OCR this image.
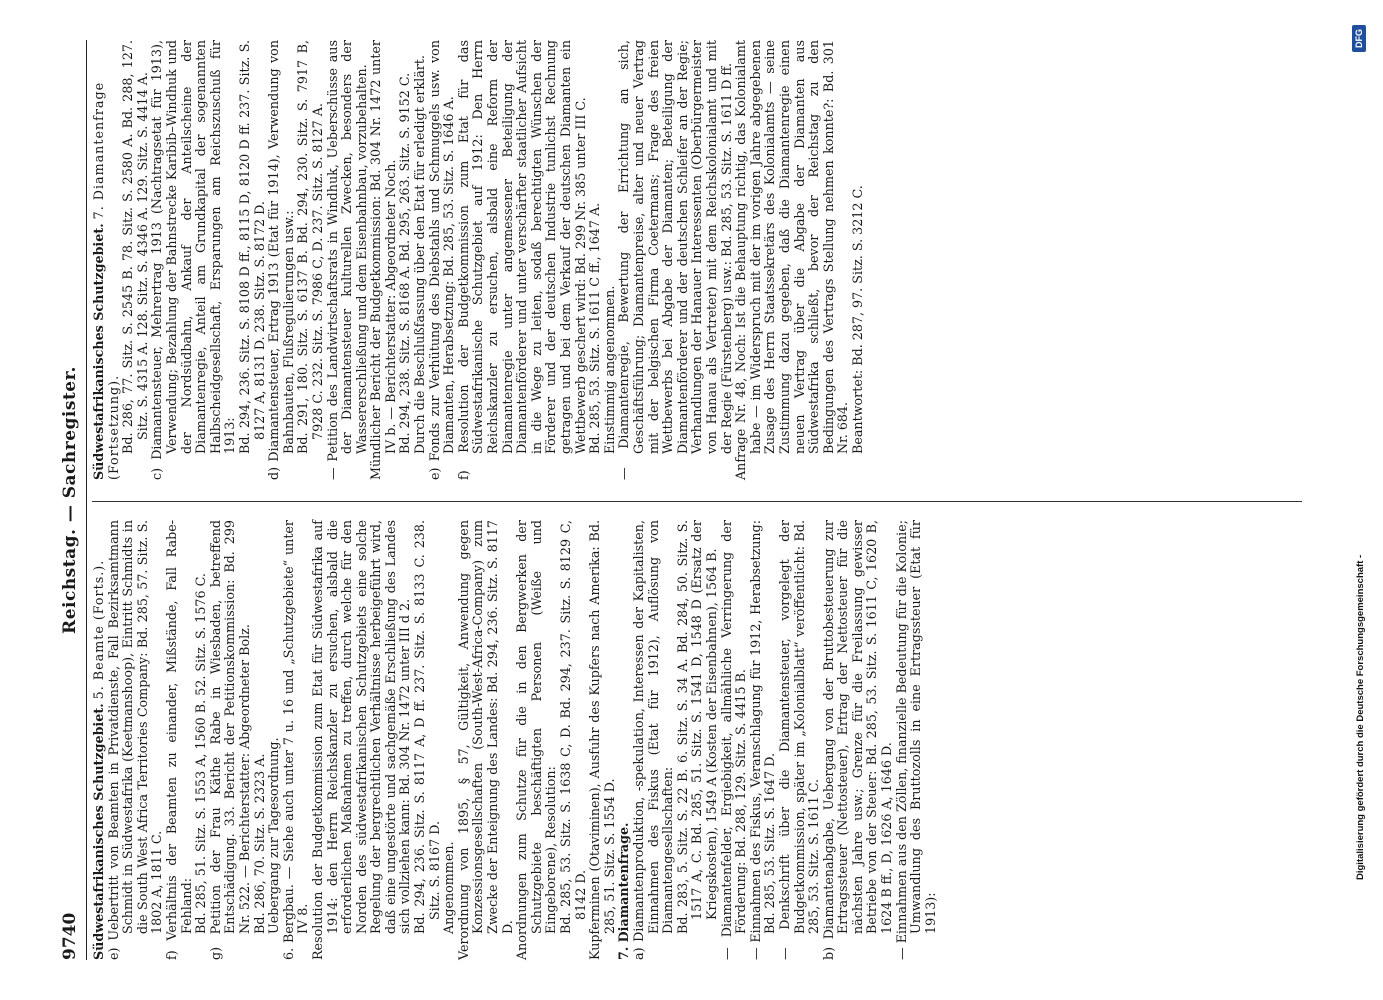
9740
Reichstag. — Sachregister.
Südwestafrikanisches Schutzgebiet. 5. Beamte (Forts.). e) Uebertritt von Beamten in Privatdienste, Fall Bezirksamtmann Schmidt in Südwestafrika (Keetmanshoop), Eintritt Schmidts in die South West Africa Territories Company: Bd. 285, 57. Sitz. S. 1802 A, 1811 C. f) Verhältnis der Beamten zu einander, Mißstände, Fall Rabe-Fehland: Bd. 285, 51. Sitz. S. 1553 A, 1560 B. 52. Sitz. S. 1576 C. g) Petition der Frau Käthe Rabe in Wiesbaden, betreffend Entschädigung. 33. Bericht der Petitionskommission: Bd. 299 Nr. 522. — Berichterstatter: Abgeordneter Bolz. Bd. 286, 70. Sitz. S. 2323 A. Uebergang zur Tagesordnung. 6. Bergbau. — Siehe auch unter 7 u. 16 und „Schutzgebiete“ unter IV 8. Resolution der Budgetkommission zum Etat für Südwestafrika auf 1914: den Herrn Reichskanzler zu ersuchen, alsbald die erforderlichen Maßnahmen zu treffen, durch welche für den Norden des südwestafrikanischen Schutzgebiets eine solche Regelung der bergrechtlichen Verhältnisse herbeigeführt wird, daß eine ungestörte und sachgemäße Erschließung des Landes sich vollziehen kann: Bd. 304 Nr. 1472 unter III d 2. Bd. 294, 236. Sitz. S. 8117 A, D ff. 237. Sitz. S. 8133 C. 238. Sitz. S. 8167 D. Angenommen. Verordnung von 1895, § 57, Gültigkeit, Anwendung gegen Konzessionsgesellschaften (South-West-Africa-Company) zum Zwecke der Enteignung des Landes: Bd. 294, 236. Sitz. S. 8117 D. Anordnungen zum Schutze für die in den Bergwerken der Schutzgebiete beschäftigten Personen (Weiße und Eingeborene), Resolution: Bd. 285, 53. Sitz. S. 1638 C, D. Bd. 294, 237. Sitz. S. 8129 C, 8142 D. Kupferminen (Otaviminen), Ausfuhr des Kupfers nach Amerika: Bd. 285, 51. Sitz. S. 1554 D. 7. Diamantenfrage. a) Diamantenproduktion, -spekulation, Interessen der Kapitalisten, Einnahmen des Fiskus (Etat für 1912), Auflösung von Diamantengesellschaften: Bd. 283, 5. Sitz. S. 22 B. 6. Sitz. S. 34 A. Bd. 284, 50. Sitz. S. 1517 A, C. Bd. 285, 51. Sitz. S. 1541 D, 1548 D (Ersatz der Kriegskosten), 1549 A (Kosten der Eisenbahnen), 1564 B. — Diamantenfelder, Ergiebigkeit, allmähliche Verringerung der Förderung: Bd. 288, 129. Sitz. S. 4415 B. — Einnahmen des Fiskus, Veranschlagung für 1912, Herabsetzung: Bd. 285, 53. Sitz. S. 1647 D. — Denkschrift über die Diamantensteuer, vorgelegt der Budgetkommission, später im „Kolonialblatt“ veröffentlicht: Bd. 285, 53. Sitz. S. 1611 C. b) Diamantenabgabe, Uebergang von der Bruttobesteuerung zur Ertragssteuer (Nettosteuer), Ertrag der Nettosteuer für die nächsten Jahre usw.; Grenze für die Freilassung gewisser Betriebe von der Steuer: Bd. 285, 53. Sitz. S. 1611 C, 1620 B, 1624 B ff., D, 1626 A, 1646 D. — Einnahmen aus den Zöllen, finanzielle Bedeutung für die Kolonie; Umwandlung des Bruttozolls in eine Ertragssteuer (Etat für 1913):

Südwestafrikanisches Schutzgebiet. 7. Diamantenfrage (Fortsetzung). Bd. 286, 77. Sitz. S. 2545 B. 78. Sitz. S. 2580 A. Bd. 288, 127. Sitz. S. 4315 A. 128. Sitz. S. 4346 A. 129. Sitz. S. 4414 A. c) Diamantensteuer, Mehrertrag 1913 (Nachtragsetat für 1913), Verwendung; Bezahlung der Bahnstrecke Karibib–Windhuk und der Nordsüdbahn, Ankauf der Anteilscheine der Diamantenregie, Anteil am Grundkapital der sogenannten Halbscheidgesellschaft, Ersparungen am Reichszuschuß für 1913: Bd. 294, 236. Sitz. S. 8108 D ff., 8115 D, 8120 D ff. 237. Sitz. S. 8127 A, 8131 D. 238. Sitz. S. 8172 D. d) Diamantensteuer, Ertrag 1913 (Etat für 1914), Verwendung von Bahnbauten, Flußregulierungen usw.: Bd. 291, 180. Sitz. S. 6137 B. Bd. 294, 230. Sitz. S. 7917 B, 7928 C. 232. Sitz. S. 7986 C, D. 237. Sitz. S. 8127 A. — Petition des Landwirtschaftsrats in Windhuk, Ueberschüsse aus der Diamantensteuer kulturellen Zwecken, besonders der Wassererschließung und dem Eisenbahnbau, vorzubehalten. Mündlicher Bericht der Budgetkommission: Bd. 304 Nr. 1472 unter IV b. — Berichterstatter: Abgeordneter Noch. Bd. 294, 238. Sitz. S. 8168 A. Bd. 295, 263. Sitz. S. 9152 C. Durch die Beschlußfassung über den Etat für erledigt erklärt. e) Fonds zur Verhütung des Diebstahls und Schmuggels usw. von Diamanten, Herabsetzung: Bd. 285, 53. Sitz. S. 1646 A. f) Resolution der Budgetkommission zum Etat für das Südwestafrikanische Schutzgebiet auf 1912: Den Herrn Reichskanzler zu ersuchen, alsbald eine Reform der Diamantenregie unter angemessener Beteiligung der Diamantenförderer und unter verschärfter staatlicher Aufsicht in die Wege zu leiten, sodaß berechtigten Wünschen der Förderer und der deutschen Industrie tunlichst Rechnung getragen und bei dem Verkauf der deutschen Diamanten ein Wettbewerb geschert wird: Bd. 299 Nr. 385 unter III C. Bd. 285, 53. Sitz. S. 1611 C ff., 1647 A. Einstimmig angenommen. — Diamantenregie, Bewertung der Errichtung an sich, Geschäftsführung; Diamantenpreise, alter und neuer Vertrag mit der belgischen Firma Coetermans; Frage des freien Wettbewerbs bei Abgabe der Diamanten; Beteiligung der Diamantenförderer und der deutschen Schleifer an der Regie; Verhandlungen der Hanauer Interessenten (Oberbürgermeister von Hanau als Vertreter) mit dem Reichskolonialamt und mit der Regie (Fürstenberg) usw.: Bd. 285, 53. Sitz. S. 1611 D ff. Anfrage Nr. 48, Noch: Ist die Behauptung richtig, das Kolonialamt habe — im Widerspruch mit der im vorigen Jahre abgegebenen Zusage des Herrn Staatssekretärs des Kolonialamts — seine Zustimmung dazu gegeben, daß die Diamantenregie einen neuen Vertrag über die Abgabe der Diamanten aus Südwestafrika schließt, bevor der Reichstag zu den Bedingungen des Vertrags Stellung nehmen konnte?: Bd. 301 Nr. 684. Beantwortet: Bd. 287, 97. Sitz. S. 3212 C.

Digitalisierung gefördert durch die Deutsche Forschungsgemeinschaft -
DFG
